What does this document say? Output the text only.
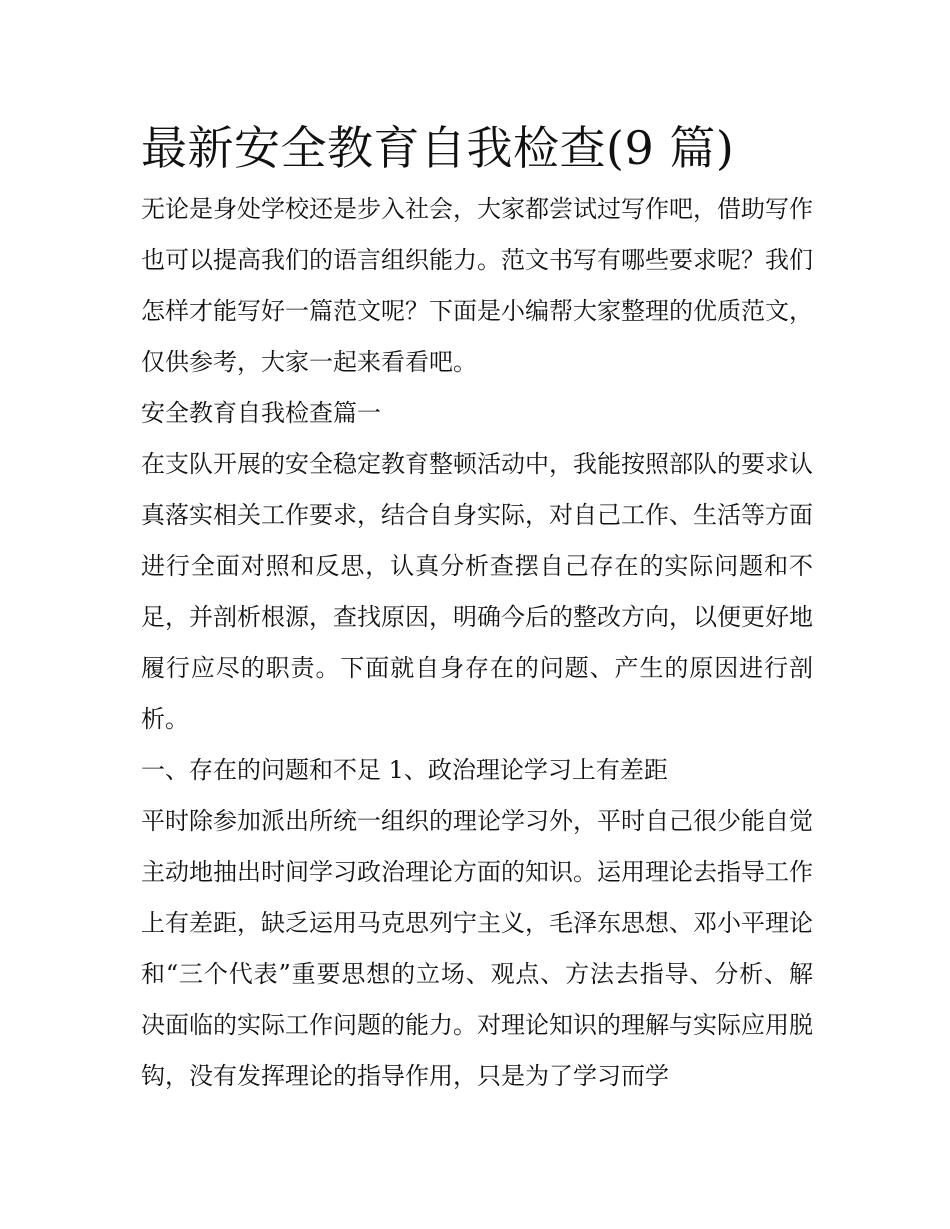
最新安全教育自我检查(9 篇)

无论是身处学校还是步入社会，大家都尝试过写作吧，借助写作也可以提高我们的语言组织能力。范文书写有哪些要求呢？我们怎样才能写好一篇范文呢？下面是小编帮大家整理的优质范文，仅供参考，大家一起来看看吧。

安全教育自我检查篇一

在支队开展的安全稳定教育整顿活动中，我能按照部队的要求认真落实相关工作要求，结合自身实际，对自己工作、生活等方面进行全面对照和反思，认真分析查摆自己存在的实际问题和不足，并剖析根源，查找原因，明确今后的整改方向，以便更好地履行应尽的职责。下面就自身存在的问题、产生的原因进行剖析。

一、存在的问题和不足 1、政治理论学习上有差距

平时除参加派出所统一组织的理论学习外，平时自己很少能自觉主动地抽出时间学习政治理论方面的知识。运用理论去指导工作上有差距，缺乏运用马克思列宁主义，毛泽东思想、邓小平理论和“三个代表”重要思想的立场、观点、方法去指导、分析、解决面临的实际工作问题的能力。对理论知识的理解与实际应用脱钩，没有发挥理论的指导作用，只是为了学习而学
